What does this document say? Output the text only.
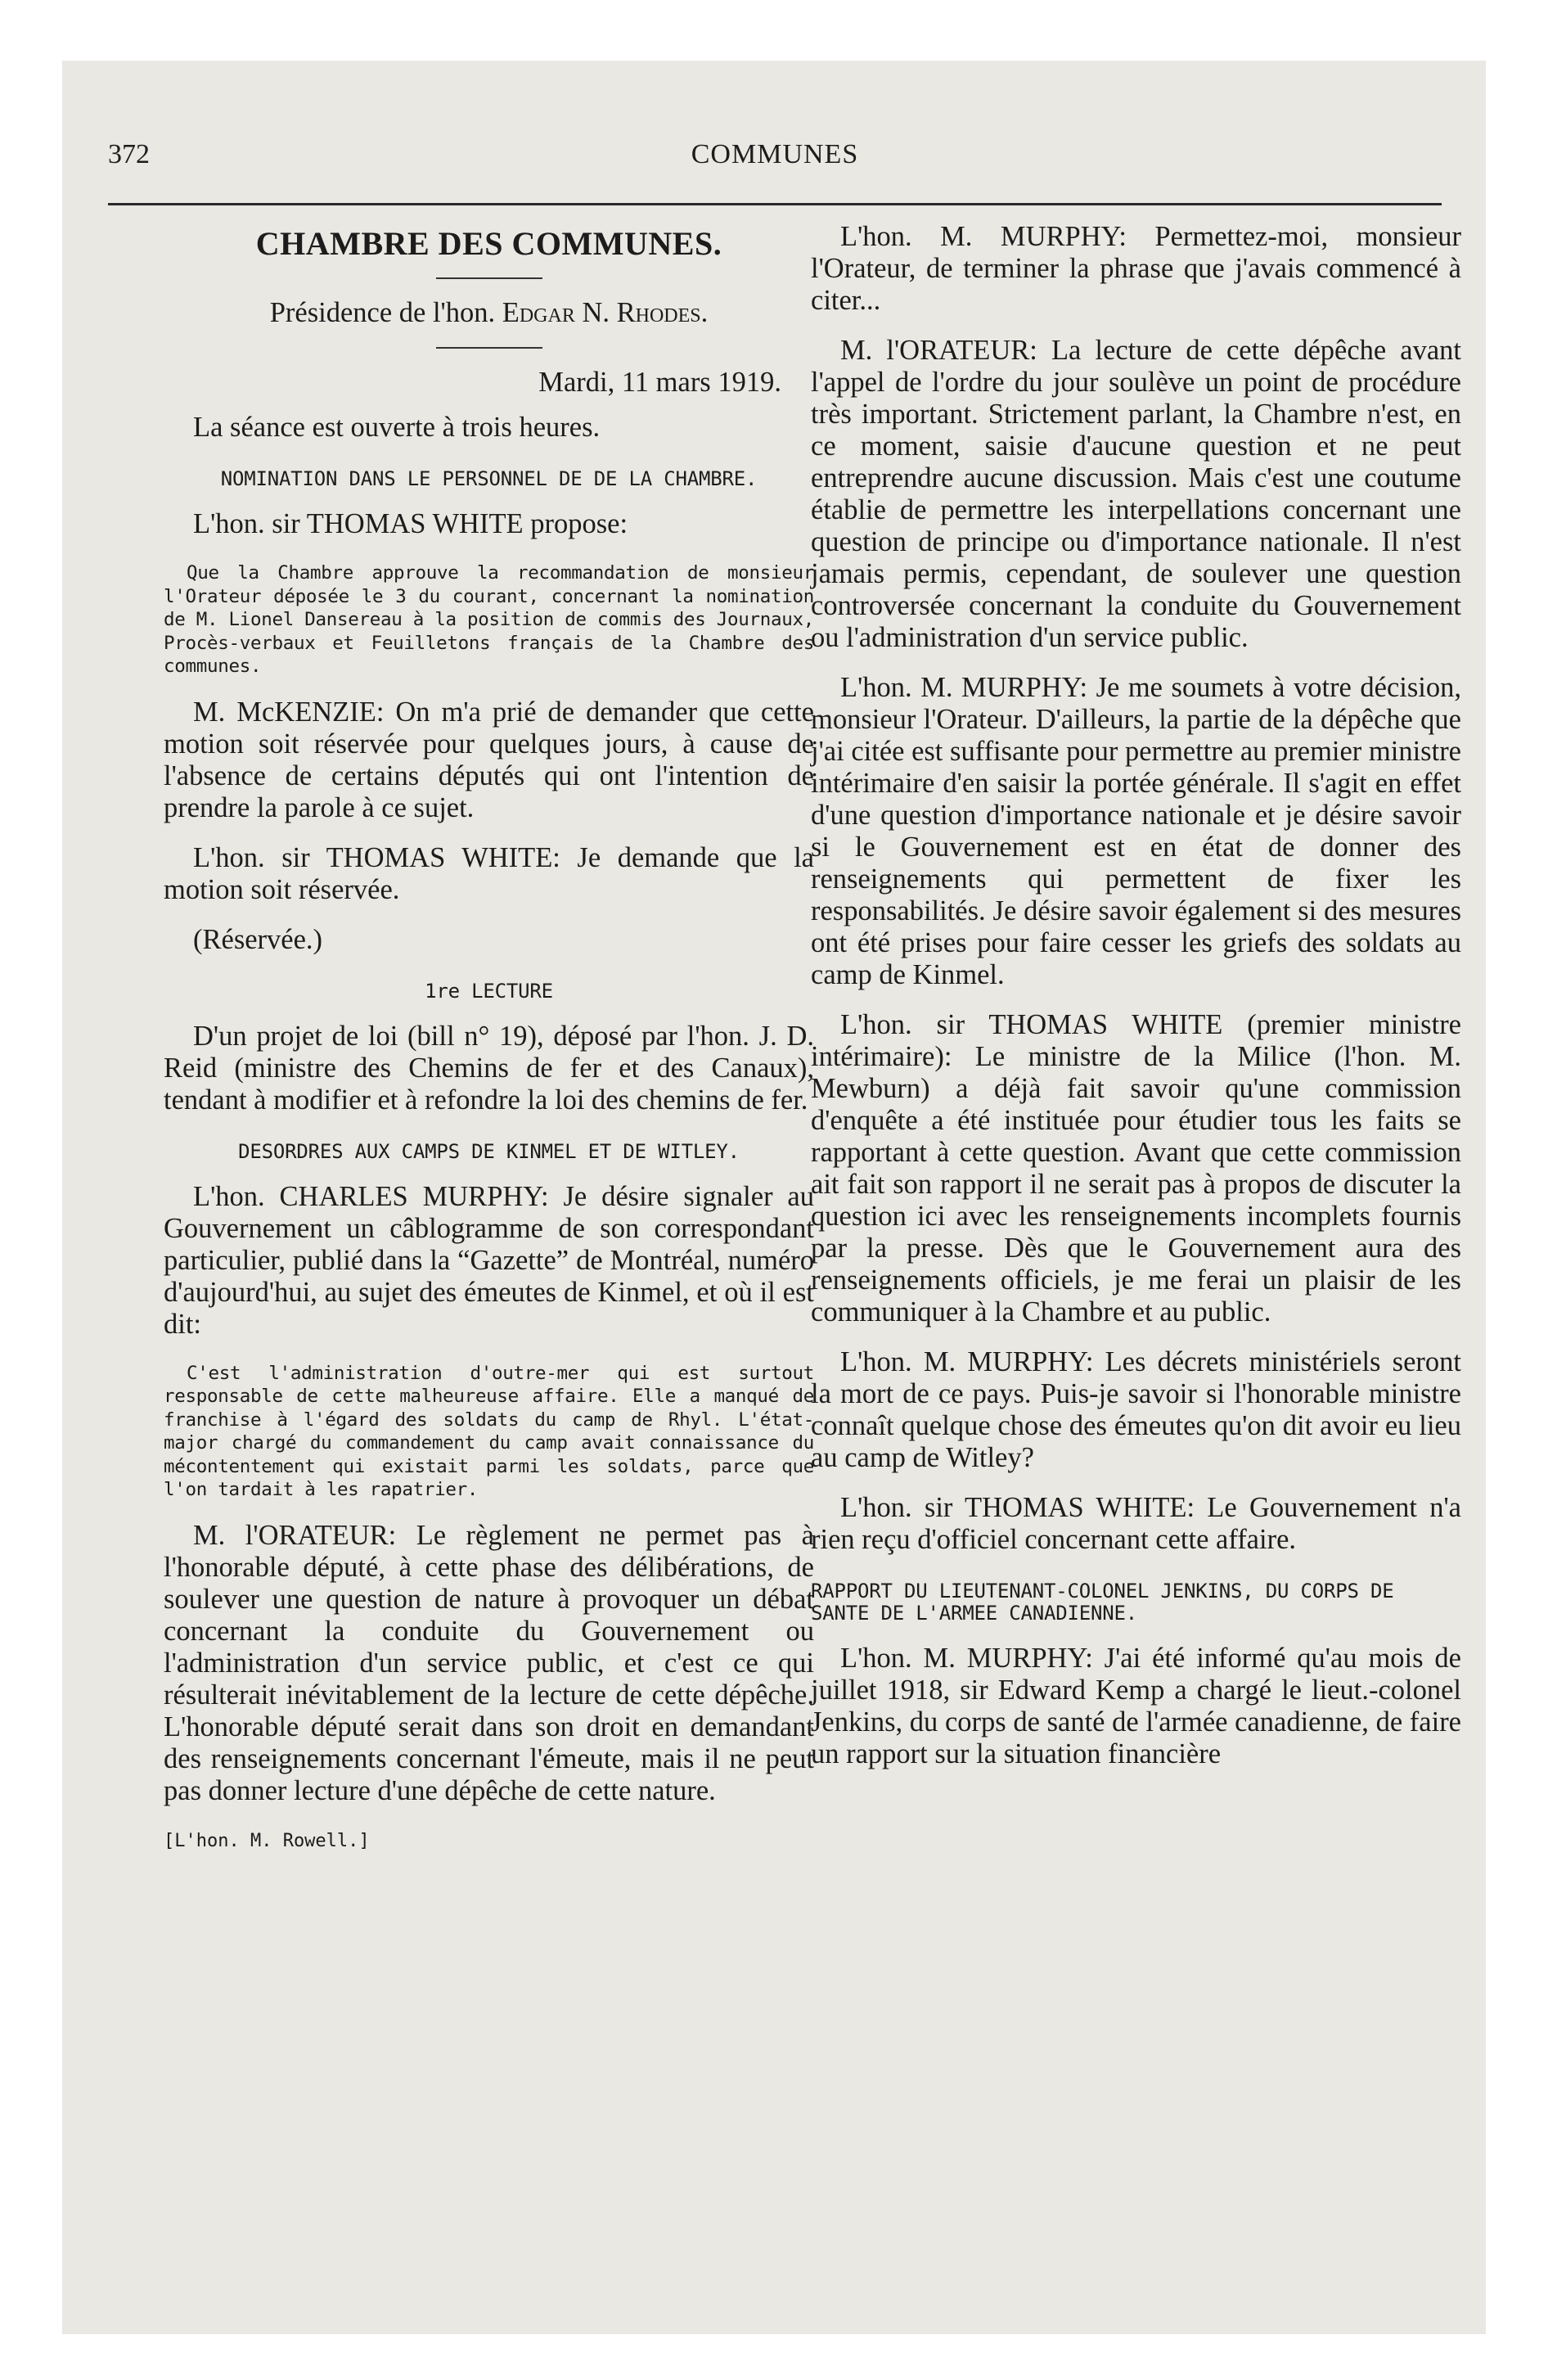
372	COMMUNES

CHAMBRE DES COMMUNES.

Présidence de l'hon. Edgar N. Rhodes.

Mardi, 11 mars 1919.

La séance est ouverte à trois heures.

NOMINATION DANS LE PERSONNEL DE DE LA CHAMBRE.

L'hon. sir THOMAS WHITE propose:

Que la Chambre approuve la recommandation de monsieur l'Orateur déposée le 3 du courant, concernant la nomination de M. Lionel Dansereau à la position de commis des Journaux, Procès-verbaux et Feuilletons français de la Chambre des communes.

M. McKENZIE: On m'a prié de demander que cette motion soit réservée pour quelques jours, à cause de l'absence de certains députés qui ont l'intention de prendre la parole à ce sujet.

L'hon. sir THOMAS WHITE: Je demande que la motion soit réservée.

(Réservée.)

1re LECTURE

D'un projet de loi (bill n° 19), déposé par l'hon. J. D. Reid (ministre des Chemins de fer et des Canaux), tendant à modifier et à refondre la loi des chemins de fer.

DESORDRES AUX CAMPS DE KINMEL ET DE WITLEY.

L'hon. CHARLES MURPHY: Je désire signaler au Gouvernement un câblogramme de son correspondant particulier, publié dans la “Gazette” de Montréal, numéro d'aujourd'hui, au sujet des émeutes de Kinmel, et où il est dit:

C'est l'administration d'outre-mer qui est surtout responsable de cette malheureuse affaire. Elle a manqué de franchise à l'égard des soldats du camp de Rhyl. L'état-major chargé du commandement du camp avait connaissance du mécontentement qui existait parmi les soldats, parce que l'on tardait à les rapatrier.

M. l'ORATEUR: Le règlement ne permet pas à l'honorable député, à cette phase des délibérations, de soulever une question de nature à provoquer un débat concernant la conduite du Gouvernement ou l'administration d'un service public, et c'est ce qui résulterait inévitablement de la lecture de cette dépêche. L'honorable député serait dans son droit en demandant des renseignements concernant l'émeute, mais il ne peut pas donner lecture d'une dépêche de cette nature.

[L'hon. M. Rowell.]

L'hon. M. MURPHY: Permettez-moi, monsieur l'Orateur, de terminer la phrase que j'avais commencé à citer...

M. l'ORATEUR: La lecture de cette dépêche avant l'appel de l'ordre du jour soulève un point de procédure très important. Strictement parlant, la Chambre n'est, en ce moment, saisie d'aucune question et ne peut entreprendre aucune discussion. Mais c'est une coutume établie de permettre les interpellations concernant une question de principe ou d'importance nationale. Il n'est jamais permis, cependant, de soulever une question controversée concernant la conduite du Gouvernement ou l'administration d'un service public.

L'hon. M. MURPHY: Je me soumets à votre décision, monsieur l'Orateur. D'ailleurs, la partie de la dépêche que j'ai citée est suffisante pour permettre au premier ministre intérimaire d'en saisir la portée générale. Il s'agit en effet d'une question d'importance nationale et je désire savoir si le Gouvernement est en état de donner des renseignements qui permettent de fixer les responsabilités. Je désire savoir également si des mesures ont été prises pour faire cesser les griefs des soldats au camp de Kinmel.

L'hon. sir THOMAS WHITE (premier ministre intérimaire): Le ministre de la Milice (l'hon. M. Mewburn) a déjà fait savoir qu'une commission d'enquête a été instituée pour étudier tous les faits se rapportant à cette question. Avant que cette commission ait fait son rapport il ne serait pas à propos de discuter la question ici avec les renseignements incomplets fournis par la presse. Dès que le Gouvernement aura des renseignements officiels, je me ferai un plaisir de les communiquer à la Chambre et au public.

L'hon. M. MURPHY: Les décrets ministériels seront la mort de ce pays. Puis-je savoir si l'honorable ministre connaît quelque chose des émeutes qu'on dit avoir eu lieu au camp de Witley?

L'hon. sir THOMAS WHITE: Le Gouvernement n'a rien reçu d'officiel concernant cette affaire.

RAPPORT DU LIEUTENANT-COLONEL JENKINS, DU CORPS DE SANTE DE L'ARMEE CANADIENNE.

L'hon. M. MURPHY: J'ai été informé qu'au mois de juillet 1918, sir Edward Kemp a chargé le lieut.-colonel Jenkins, du corps de santé de l'armée canadienne, de faire un rapport sur la situation financière
